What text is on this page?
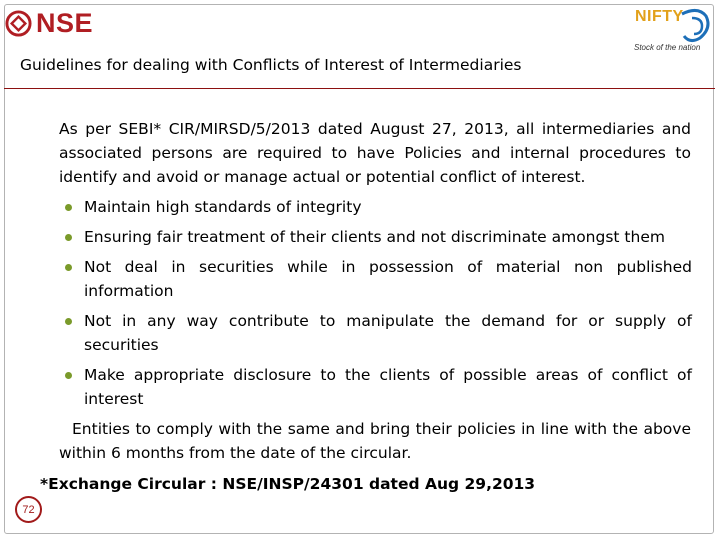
NSE	NIFTY
Stock of the nation
Guidelines for dealing with Conflicts of Interest of Intermediaries

As per SEBI* CIR/MIRSD/5/2013 dated August 27, 2013, all intermediaries and associated persons are required to have Policies and internal procedures to identify and avoid or manage actual or potential conflict of interest.

Maintain high standards of integrity
Ensuring fair treatment of their clients and not discriminate amongst them
Not deal in securities while in possession of material non published information
Not in any way contribute to manipulate the demand for or supply of securities
Make appropriate disclosure to the clients of possible areas of conflict of interest

Entities to comply with the same and bring their policies in line with the above within 6 months from the date of the circular.

*Exchange Circular : NSE/INSP/24301 dated Aug 29,2013
72
